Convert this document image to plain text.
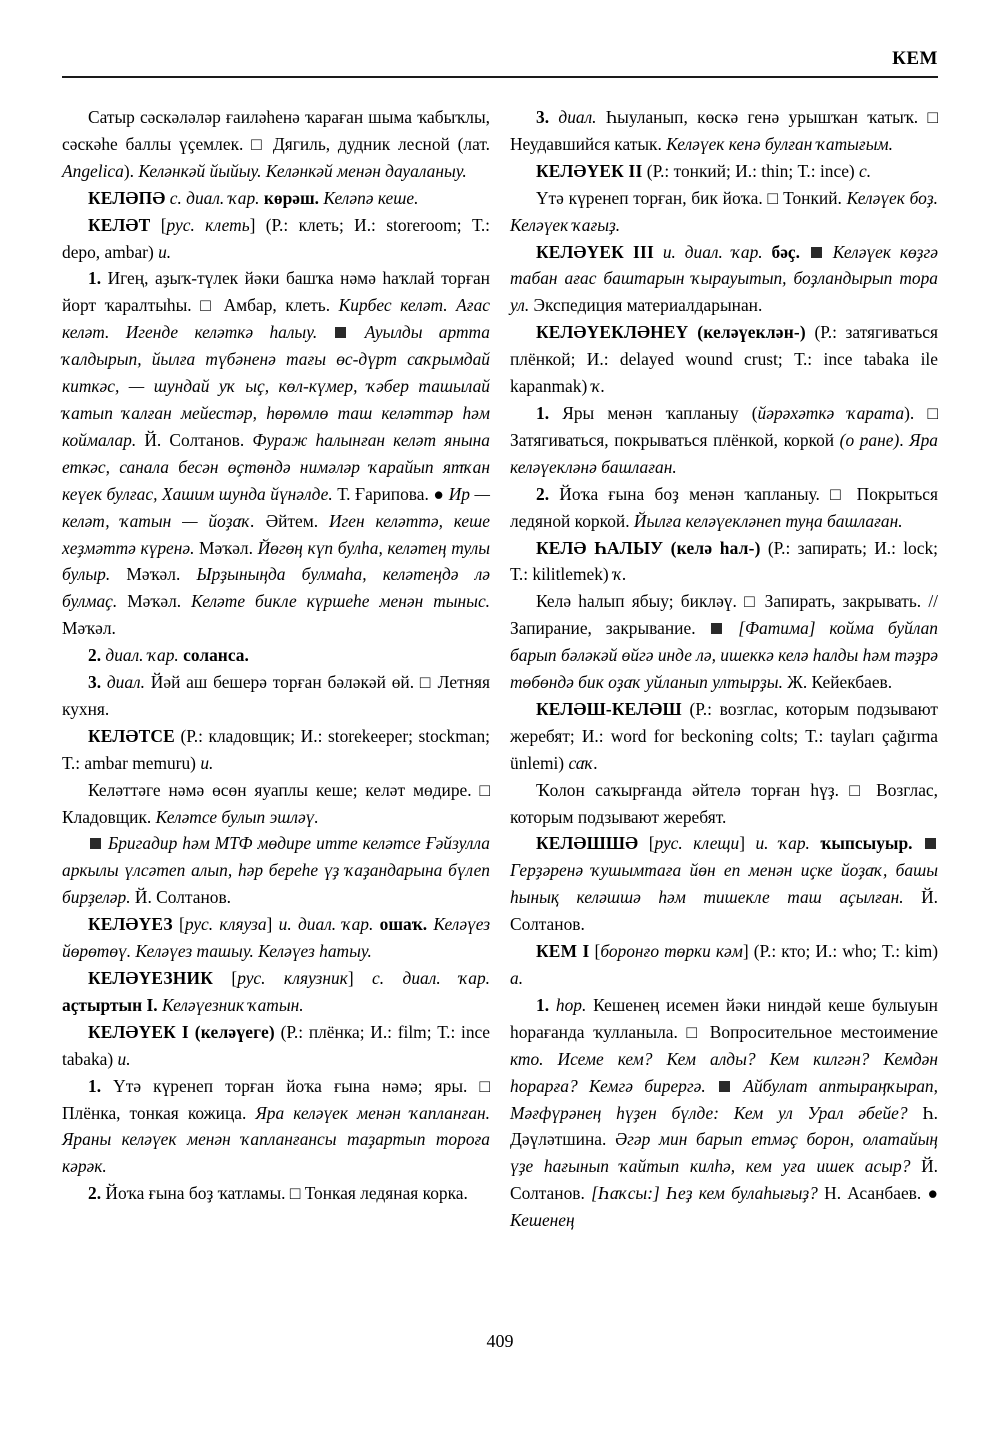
КЕМ

Сатыр сәскәләләр ғаиләһенә ҡараған шыма ҡабыҡлы, сәскәһе баллы үҫемлек. □ Дягиль, дудник лесной (лат. Angelica). Келәнкәй йыйыу. Келәнкәй менән дауаланыу.

КЕЛӘПӘ с. диал. ҡар. көрәш. Келәпә кеше.

КЕЛӘТ [рус. клеть] (Р.: клеть; И.: storeroom; Т.: depo, ambar) и.

1. Игең, аҙыҡ-түлек йәки башҡа нәмә һаҡлай торған йорт ҡаралтыһы. □ Амбар, клеть. Кирбес келәт. Ағас келәт. Игенде келәткә һалыу.	Ауылды артта ҡалдырып, йылға түбәненә тағы өс-дүрт саҡрымдай киткәс, — шундай уҡ ыҫ, көл-күмер, ҡәбер ташылай ҡатып ҡалған мейестәр, һөрөмлө таш келәттәр һәм коймалар. Й. Солтанов. Фураж һалынған келәт янына еткәс, санала бесән өҫтөндә нимәләр ҡарайып ятҡан кеүек булғас, Хашим шунда йүнәлде. Т. Ғарипова. ● Ир — келәт, ҡатын — йоҙаҡ. Әйтем. Иген келәттә, кеше хеҙмәттә күренә. Мәҡәл. Йөгөң күп булһа, келәтең тулы булыр. Мәҡәл. Ырҙыныңда булмаһа, келәтеңдә лә булмаҫ. Мәҡәл. Келәте бикле күршеһе менән тыныс. Мәҡәл.

2. диал. ҡар. соланса.

3. диал. Йәй аш бешерә торған бәләкәй өй. □ Летняя кухня.

КЕЛӘТСЕ (Р.: кладовщик; И.: storekeeper; stockman; Т.: ambar memuru) и.

Келәттәге нәмә өсөн яуаплы кеше; келәт мөдире. □ Кладовщик. Келәтсе булып эшләү.

Бригадир һәм МТФ мөдире итте келәтсе Ғәйзулла аркылы үлсәтеп алып, һәр береһе үҙ ҡаҙандарына бүлеп бирҙеләр. Й. Солтанов.

КЕЛӘҮЕЗ [рус. кляуза] и. диал. ҡар. ошаҡ. Келәүез йөрөтөү. Келәүез ташыу. Келәүез һатыу.

КЕЛӘҮЕЗНИК [рус. кляузник] с. диал. ҡар. аҫтыртын I. Келәүезник ҡатын.

КЕЛӘҮЕК I (келәүеге) (Р.: плёнка; И.: film; Т.: ince tabaka) и.

1. Үтә күренеп торған йоҡа ғына нәмә; яры. □ Плёнка, тонкая кожица. Яра келәүек менән ҡапланған. Яраны келәүек менән ҡапланғансы таҙартып тороға кәрәк.

2. Йоҡа ғына боҙ ҡатламы. □ Тонкая ледяная корка.

3. диал. Һыуланып, көскә генә урышҡан ҡатыҡ. □ Неудавшийся катык. Келәүек кенә булған ҡатығым.

КЕЛӘҮЕК II (Р.: тонкий; И.: thin; Т.: ince) с.

Үтә күренеп торған, бик йоҡа. □ Тонкий. Келәүек боҙ. Келәүек ҡағыҙ.

КЕЛӘҮЕК III и. диал. ҡар. бәҫ. Келәүек көҙгә табан ағас баштарын ҡырауытып, боҙландырып тора ул. Экспедиция материалдарынан.

КЕЛӘҮЕКЛӘНЕҮ (келәүеклән-) (Р.: затягиваться плёнкой; И.: delayed wound crust; Т.: ince tabaka ile kapanmak) ҡ.

1. Яры менән ҡапланыу (йәрәхәткә ҡарата). □ Затягиваться, покрываться плёнкой, коркой (о ране). Яра келәүекләнә башлаған.

2. Йоҡа ғына боҙ менән ҡапланыу. □ Покрыться ледяной коркой. Йылға келәүекләнеп туңа башлаған.

КЕЛӘ ҺАЛЫУ (келә һал-) (Р.: запирать; И.: lock; Т.: kilitlemek) ҡ.

Келә һалып ябыу; бикләү. □ Запирать, закрывать. // Запирание, закрывание.  [Фатима] койма буйлап барып бәләкәй өйгә инде лә, ишеккә келә һалды һәм тәҙрә төбөндә бик оҙаҡ уйланып ултырҙы. Ж. Кейекбаев.

КЕЛӘШ-КЕЛӘШ (Р.: возглас, которым подзывают жеребят; И.: word for beckoning colts; Т.: tayları çağırma ünlemi) саҡ.

Ҡолон саҡырғанда әйтелә торған һүҙ. □ Возглас, которым подзывают жеребят.

КЕЛӘШШӘ [рус. клещи] и. ҡар. ҡыпсыуыр.  Герҙәренә ҡушымтаға йөн еп менән иҫке йоҙаҡ, башы һынық келәшшә һәм тишекле таш аҫылған. Й. Солтанов.

КЕМ I [боронғо төрки кәм] (Р.: кто; И.: who; Т.: kim) а.

1. һор. Кешенең исемен йәки ниндәй кеше булыуын һорағанда ҡулланыла. □ Вопросительное местоимение кто. Исеме кем? Кем алды? Кем килгән? Кемдән һорарға? Кемгә бирергә. Айбулат аптыраңҡырап, Мәғфүрәнең һүҙен бүлде: Кем ул Урал әбейе? Һ. Дәүләтшина. Әгәр мин барып етмәҫ борон, олатайың үҙе һағынып ҡайтып килһә, кем уға ишек асыр? Й. Солтанов. [Һаҡсы:] Һеҙ кем булаһығыҙ? Н. Асанбаев. ● Кешенең

409
